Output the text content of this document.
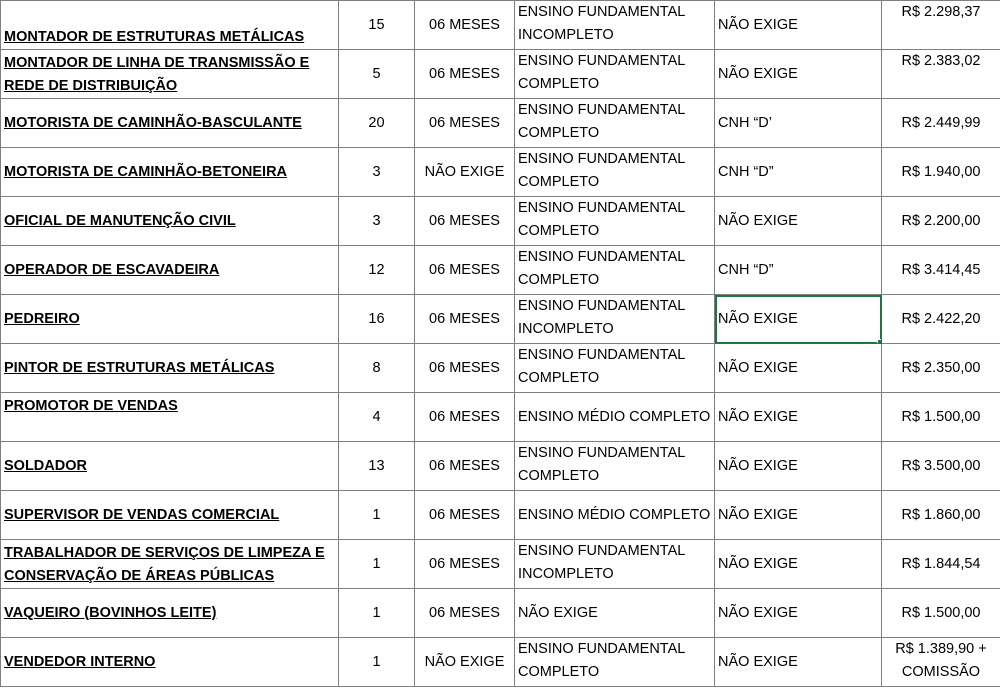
MONTADOR DE ESTRUTURAS METÁLICAS	15	06 MESES	ENSINO FUNDAMENTAL INCOMPLETO	NÃO EXIGE	R$ 2.298,37
MONTADOR DE LINHA DE TRANSMISSÃO E REDE DE DISTRIBUIÇÃO	5	06 MESES	ENSINO FUNDAMENTAL COMPLETO	NÃO EXIGE	R$ 2.383,02
MOTORISTA DE CAMINHÃO-BASCULANTE	20	06 MESES	ENSINO FUNDAMENTAL COMPLETO	CNH “D’	R$ 2.449,99
MOTORISTA DE CAMINHÃO-BETONEIRA	3	NÃO EXIGE	ENSINO FUNDAMENTAL COMPLETO	CNH “D”	R$ 1.940,00
OFICIAL DE MANUTENÇÃO CIVIL	3	06 MESES	ENSINO FUNDAMENTAL COMPLETO	NÃO EXIGE	R$ 2.200,00
OPERADOR DE ESCAVADEIRA	12	06 MESES	ENSINO FUNDAMENTAL COMPLETO	CNH “D”	R$ 3.414,45
PEDREIRO	16	06 MESES	ENSINO FUNDAMENTAL INCOMPLETO	NÃO EXIGE	R$ 2.422,20
PINTOR DE ESTRUTURAS METÁLICAS	8	06 MESES	ENSINO FUNDAMENTAL COMPLETO	NÃO EXIGE	R$ 2.350,00
PROMOTOR DE VENDAS	4	06 MESES	ENSINO MÉDIO COMPLETO	NÃO EXIGE	R$ 1.500,00
SOLDADOR	13	06 MESES	ENSINO FUNDAMENTAL COMPLETO	NÃO EXIGE	R$ 3.500,00
SUPERVISOR DE VENDAS COMERCIAL	1	06 MESES	ENSINO MÉDIO COMPLETO	NÃO EXIGE	R$ 1.860,00
TRABALHADOR DE SERVIÇOS DE LIMPEZA E CONSERVAÇÃO DE ÁREAS PÚBLICAS	1	06 MESES	ENSINO FUNDAMENTAL INCOMPLETO	NÃO EXIGE	R$ 1.844,54
VAQUEIRO (BOVINHOS LEITE)	1	06 MESES	NÃO EXIGE	NÃO EXIGE	R$ 1.500,00
VENDEDOR INTERNO	1	NÃO EXIGE	ENSINO FUNDAMENTAL COMPLETO	NÃO EXIGE	R$ 1.389,90 + COMISSÃO
